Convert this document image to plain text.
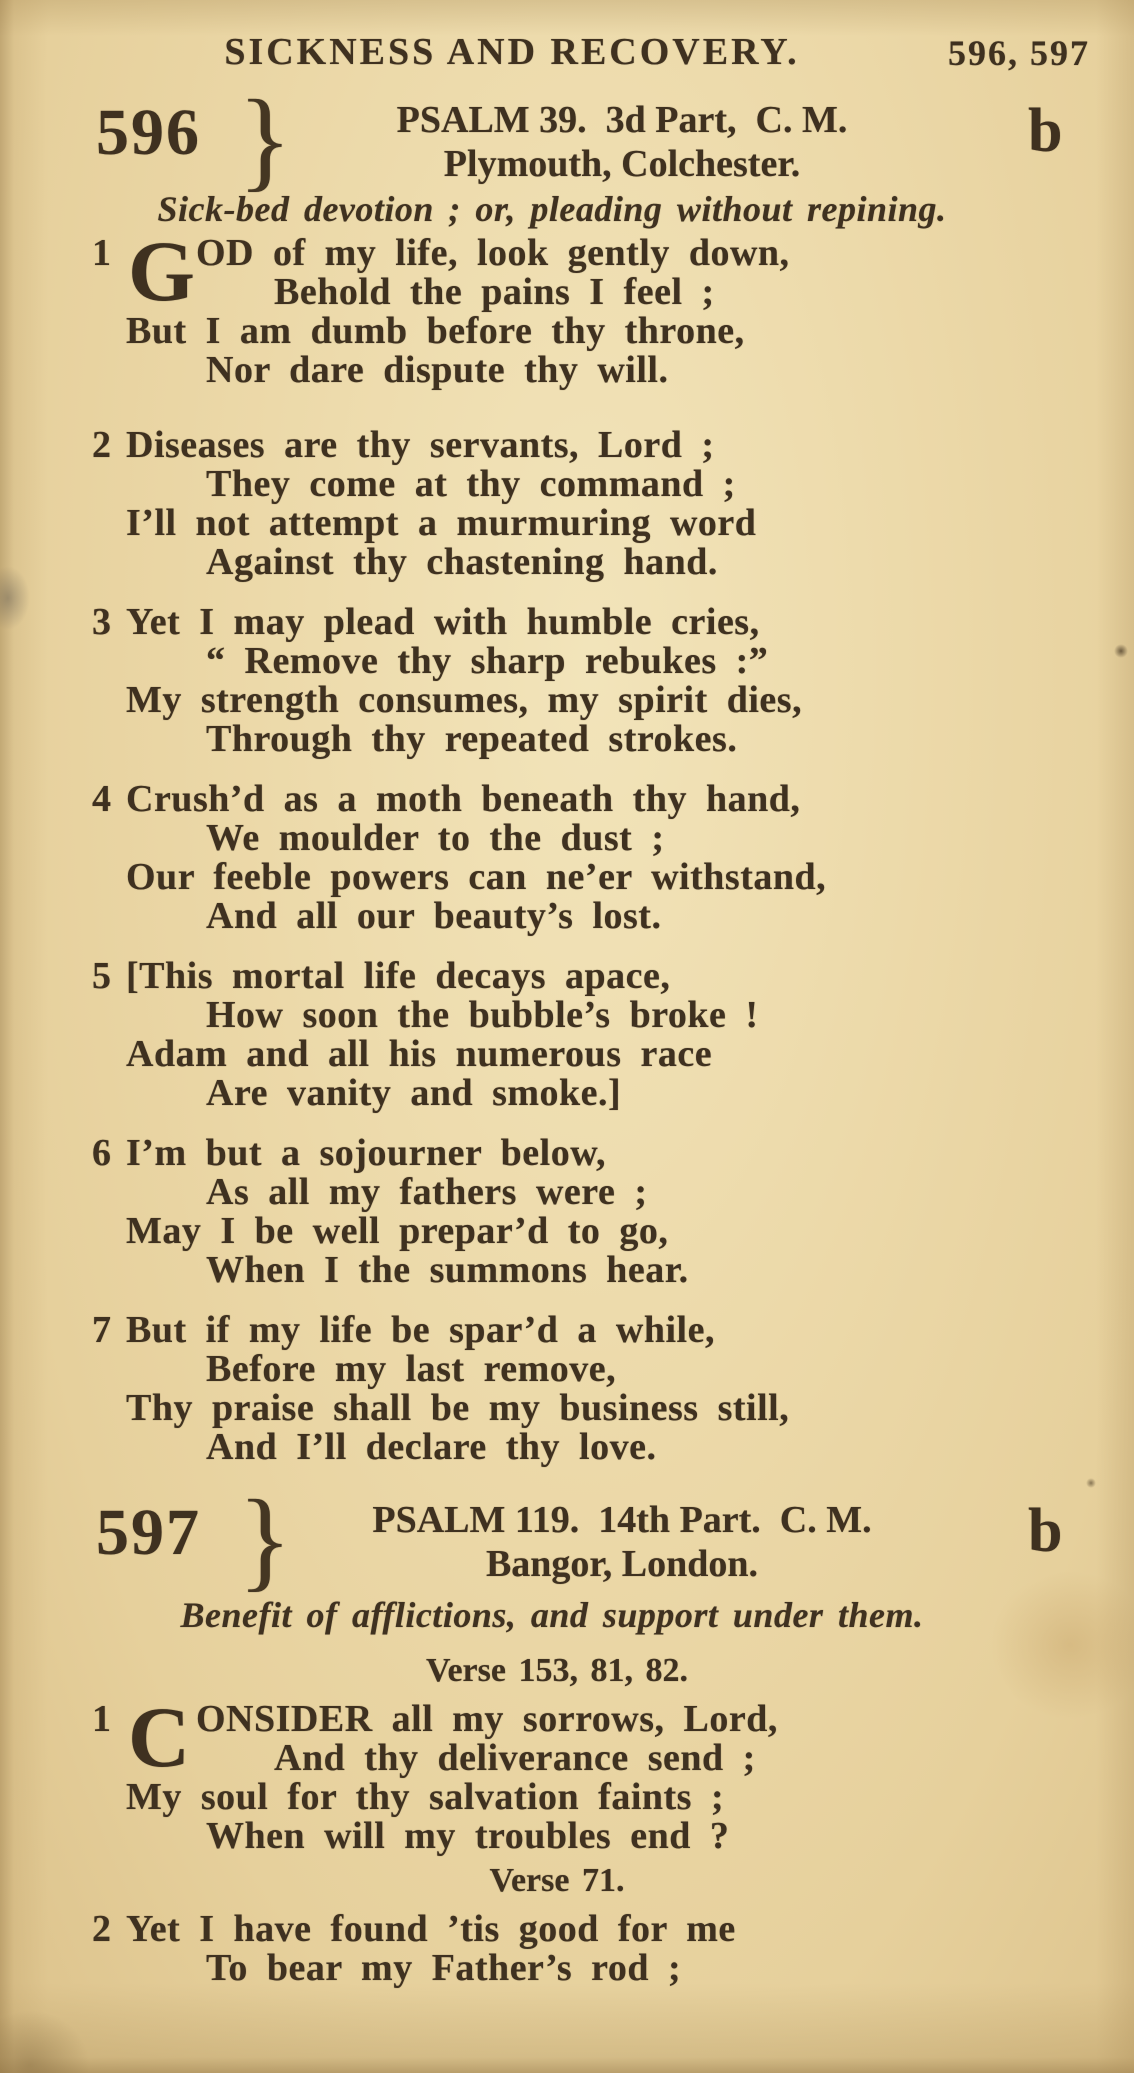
SICKNESS AND RECOVERY.	596, 597
596 }	PSALM 39.  3d Part,  C. M.
Plymouth, Colchester.	b
Sick-bed devotion ; or, pleading without repining.
1 G OD of my life, look gently down,
Behold the pains I feel ;
But I am dumb before thy throne,
Nor dare dispute thy will.
2 Diseases are thy servants, Lord ;
They come at thy command ;
I’ll not attempt a murmuring word
Against thy chastening hand.
3 Yet I may plead with humble cries,
“ Remove thy sharp rebukes :”
My strength consumes, my spirit dies,
Through thy repeated strokes.
4 Crush’d as a moth beneath thy hand,
We moulder to the dust ;
Our feeble powers can ne’er withstand,
And all our beauty’s lost.
5 [This mortal life decays apace,
How soon the bubble’s broke !
Adam and all his numerous race
Are vanity and smoke.]
6 I’m but a sojourner below,
As all my fathers were ;
May I be well prepar’d to go,
When I the summons hear.
7 But if my life be spar’d a while,
Before my last remove,
Thy praise shall be my business still,
And I’ll declare thy love.
597 }	PSALM 119.  14th Part.  C. M.
Bangor, London.	b
Benefit of afflictions, and support under them.
Verse 153, 81, 82.
1 C ONSIDER all my sorrows, Lord,
And thy deliverance send ;
My soul for thy salvation faints ;
When will my troubles end ?
Verse 71.
2 Yet I have found ’tis good for me
To bear my Father’s rod ;
